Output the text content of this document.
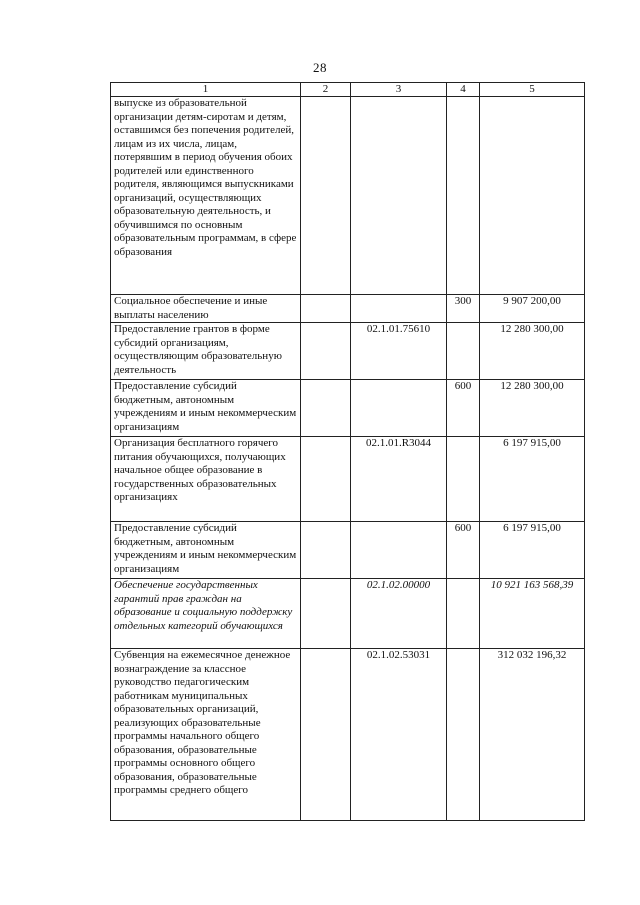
28
1	2	3	4	5
выпуске из образовательной организации детям-сиротам и детям, оставшимся без попечения родителей, лицам из их числа, лицам, потерявшим в период обучения обоих родителей или единственного родителя, являющимся выпускниками организаций, осуществляющих образовательную деятельность, и обучившимся по основным образовательным программам, в сфере образования				
Социальное обеспечение и иные выплаты населению			300	9 907 200,00
Предоставление грантов в форме субсидий организациям, осуществляющим образовательную деятельность		02.1.01.75610		12 280 300,00
Предоставление субсидий бюджетным, автономным учреждениям и иным некоммерческим организациям			600	12 280 300,00
Организация бесплатного горячего питания обучающихся, получающих начальное общее образование в государственных образовательных организациях		02.1.01.R3044		6 197 915,00
Предоставление субсидий бюджетным, автономным учреждениям и иным некоммерческим организациям			600	6 197 915,00
Обеспечение государственных гарантий прав граждан на образование и социальную поддержку отдельных категорий обучающихся		02.1.02.00000		10 921 163 568,39
Субвенция на ежемесячное денежное вознаграждение за классное руководство педагогическим работникам муниципальных образовательных организаций, реализующих образовательные программы начального общего образования, образовательные программы основного общего образования, образовательные программы среднего общего		02.1.02.53031		312 032 196,32
